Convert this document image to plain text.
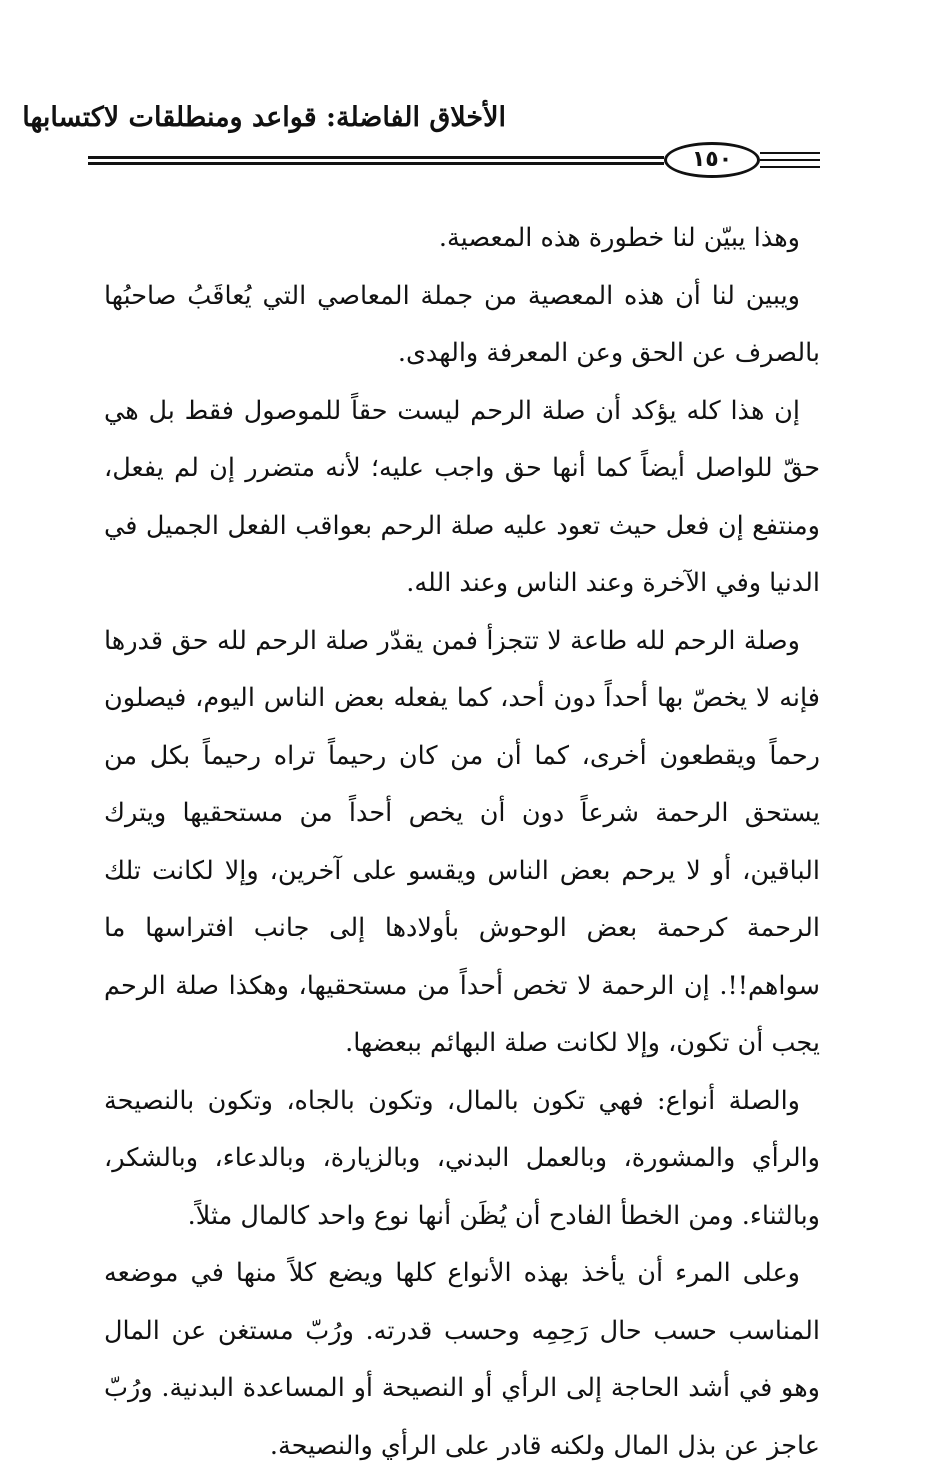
الأخلاق الفاضلة: قواعد ومنطلقات لاكتسابها
١٥٠

وهذا يبيّن لنا خطورة هذه المعصية.

ويبين لنا أن هذه المعصية من جملة المعاصي التي يُعاقَبُ صاحبُها بالصرف عن الحق وعن المعرفة والهدى.

إن هذا كله يؤكد أن صلة الرحم ليست حقاً للموصول فقط بل هي حقّ للواصل أيضاً كما أنها حق واجب عليه؛ لأنه متضرر إن لم يفعل، ومنتفع إن فعل حيث تعود عليه صلة الرحم بعواقب الفعل الجميل في الدنيا وفي الآخرة وعند الناس وعند الله.

وصلة الرحم لله طاعة لا تتجزأ فمن يقدّر صلة الرحم لله حق قدرها فإنه لا يخصّ بها أحداً دون أحد، كما يفعله بعض الناس اليوم، فيصلون رحماً ويقطعون أخرى، كما أن من كان رحيماً تراه رحيماً بكل من يستحق الرحمة شرعاً دون أن يخص أحداً من مستحقيها ويترك الباقين، أو لا يرحم بعض الناس ويقسو على آخرين، وإلا لكانت تلك الرحمة كرحمة بعض الوحوش بأولادها إلى جانب افتراسها ما سواهم!!. إن الرحمة لا تخص أحداً من مستحقيها، وهكذا صلة الرحم يجب أن تكون، وإلا لكانت صلة البهائم ببعضها.

والصلة أنواع: فهي تكون بالمال، وتكون بالجاه، وتكون بالنصيحة والرأي والمشورة، وبالعمل البدني، وبالزيارة، وبالدعاء، وبالشكر، وبالثناء. ومن الخطأ الفادح أن يُظَن أنها نوع واحد كالمال مثلاً.

وعلى المرء أن يأخذ بهذه الأنواع كلها ويضع كلاً منها في موضعه المناسب حسب حال رَحِمِه وحسب قدرته. ورُبّ مستغن عن المال وهو في أشد الحاجة إلى الرأي أو النصيحة أو المساعدة البدنية. ورُبّ عاجز عن بذل المال ولكنه قادر على الرأي والنصيحة.
